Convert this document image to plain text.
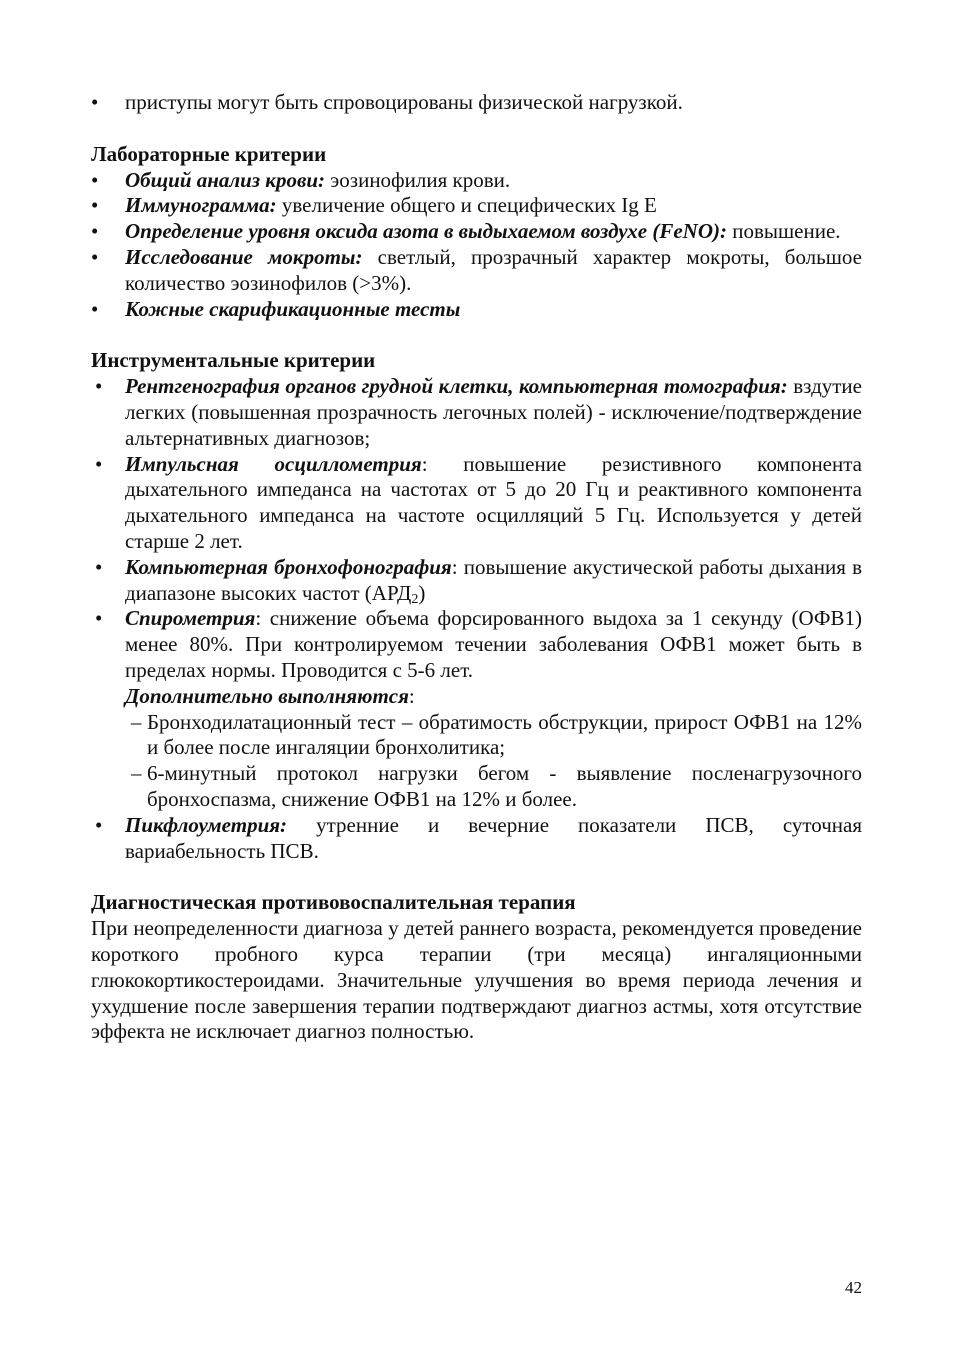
•	приступы могут быть спровоцированы физической нагрузкой.

Лабораторные критерии

•	Общий анализ крови: эозинофилия крови.
•	Иммунограмма: увеличение общего и специфических Ig E
•	Определение уровня оксида азота в выдыхаемом воздухе (FeNO): повышение.
•	Исследование мокроты: светлый, прозрачный характер мокроты, большое количество эозинофилов (>3%).
•	Кожные скарификационные тесты

Инструментальные критерии

•	Рентгенография органов грудной клетки, компьютерная томография: вздутие легких (повышенная прозрачность легочных полей) - исключение/подтверждение альтернативных диагнозов;
•	Импульсная осциллометрия: повышение резистивного компонента дыхательного импеданса на частотах от 5 до 20 Гц и реактивного компонента дыхательного импеданса на частоте осцилляций 5 Гц. Используется у детей старше 2 лет.
•	Компьютерная бронхофонография: повышение акустической работы дыхания в диапазоне высоких частот $(АРД_2)$
•	Спирометрия: снижение объема форсированного выдоха за 1 секунду (ОФВ1) менее 80%. При контролируемом течении заболевания ОФВ1 может быть в пределах нормы. Проводится с 5-6 лет.
Дополнительно выполняются:
– Бронходилатационный тест – обратимость обструкции, прирост ОФВ1 на 12% и более после ингаляции бронхолитика;
– 6-минутный протокол нагрузки бегом - выявление посленагрузочного бронхоспазма, снижение ОФВ1 на 12% и более.
•	Пикфлоуметрия: утренние и вечерние показатели ПСВ, суточная вариабельность ПСВ.

Диагностическая противовоспалительная терапия

При неопределенности диагноза у детей раннего возраста, рекомендуется проведение короткого пробного курса терапии (три месяца) ингаляционными глюкокортикостероидами. Значительные улучшения во время периода лечения и ухудшение после завершения терапии подтверждают диагноз астмы, хотя отсутствие эффекта не исключает диагноз полностью.

42
